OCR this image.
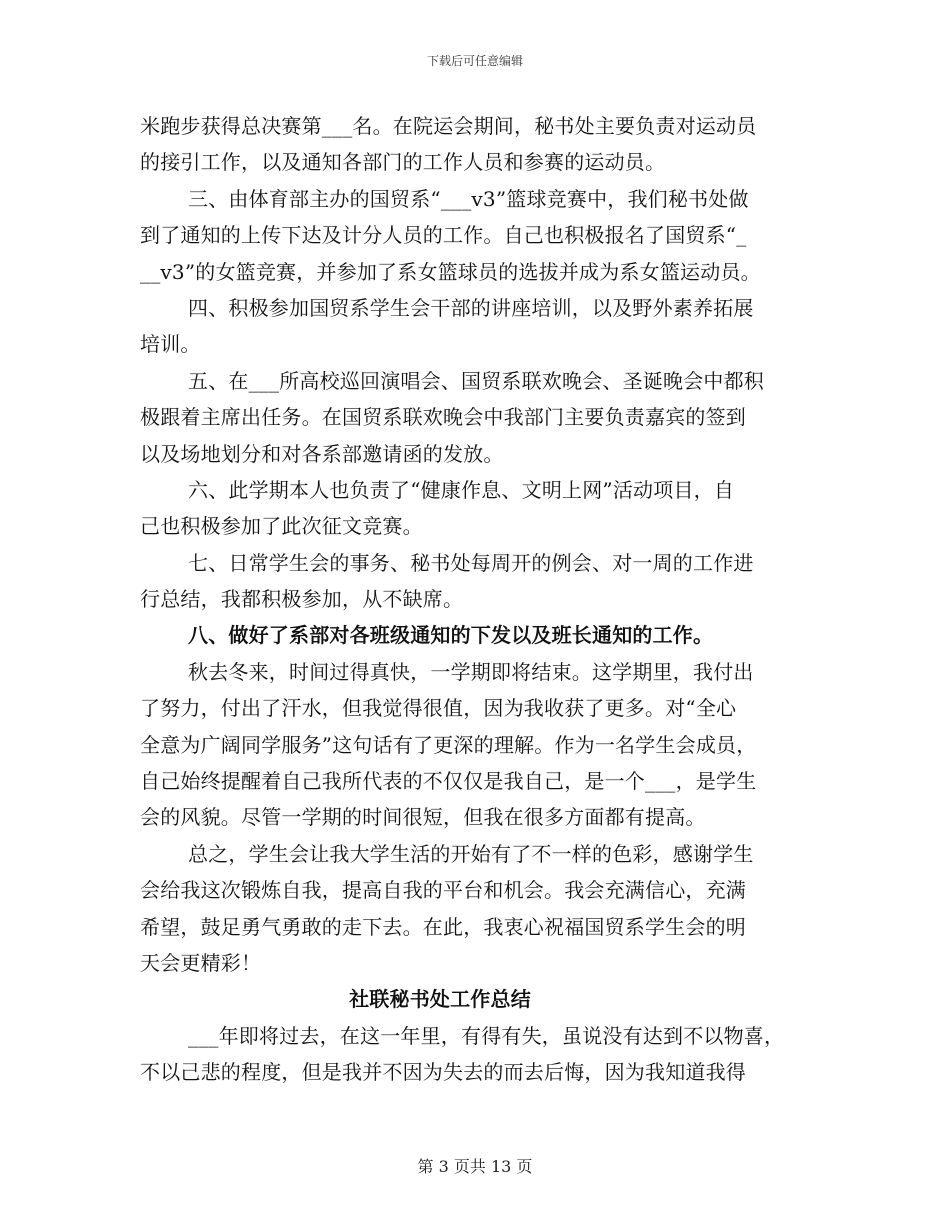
下载后可任意编辑
米跑步获得总决赛第___名。在院运会期间，秘书处主要负责对运动员
的接引工作，以及通知各部门的工作人员和参赛的运动员。
三、由体育部主办的国贸系“___v3”篮球竞赛中，我们秘书处做
到了通知的上传下达及计分人员的工作。自己也积极报名了国贸系“_
__v3”的女篮竞赛，并参加了系女篮球员的选拔并成为系女篮运动员。
四、积极参加国贸系学生会干部的讲座培训，以及野外素养拓展
培训。
五、在___所高校巡回演唱会、国贸系联欢晚会、圣诞晚会中都积
极跟着主席出任务。在国贸系联欢晚会中我部门主要负责嘉宾的签到
以及场地划分和对各系部邀请函的发放。
六、此学期本人也负责了“健康作息、文明上网”活动项目，自
己也积极参加了此次征文竞赛。
七、日常学生会的事务、秘书处每周开的例会、对一周的工作进
行总结，我都积极参加，从不缺席。
八、做好了系部对各班级通知的下发以及班长通知的工作。
秋去冬来，时间过得真快，一学期即将结束。这学期里，我付出
了努力，付出了汗水，但我觉得很值，因为我收获了更多。对“全心
全意为广阔同学服务”这句话有了更深的理解。作为一名学生会成员，
自己始终提醒着自己我所代表的不仅仅是我自己，是一个___，是学生
会的风貌。尽管一学期的时间很短，但我在很多方面都有提高。
总之，学生会让我大学生活的开始有了不一样的色彩，感谢学生
会给我这次锻炼自我，提高自我的平台和机会。我会充满信心，充满
希望，鼓足勇气勇敢的走下去。在此，我衷心祝福国贸系学生会的明
天会更精彩！
社联秘书处工作总结
___年即将过去，在这一年里，有得有失，虽说没有达到不以物喜，
不以己悲的程度，但是我并不因为失去的而去后悔，因为我知道我得
第 3 页共 13 页
